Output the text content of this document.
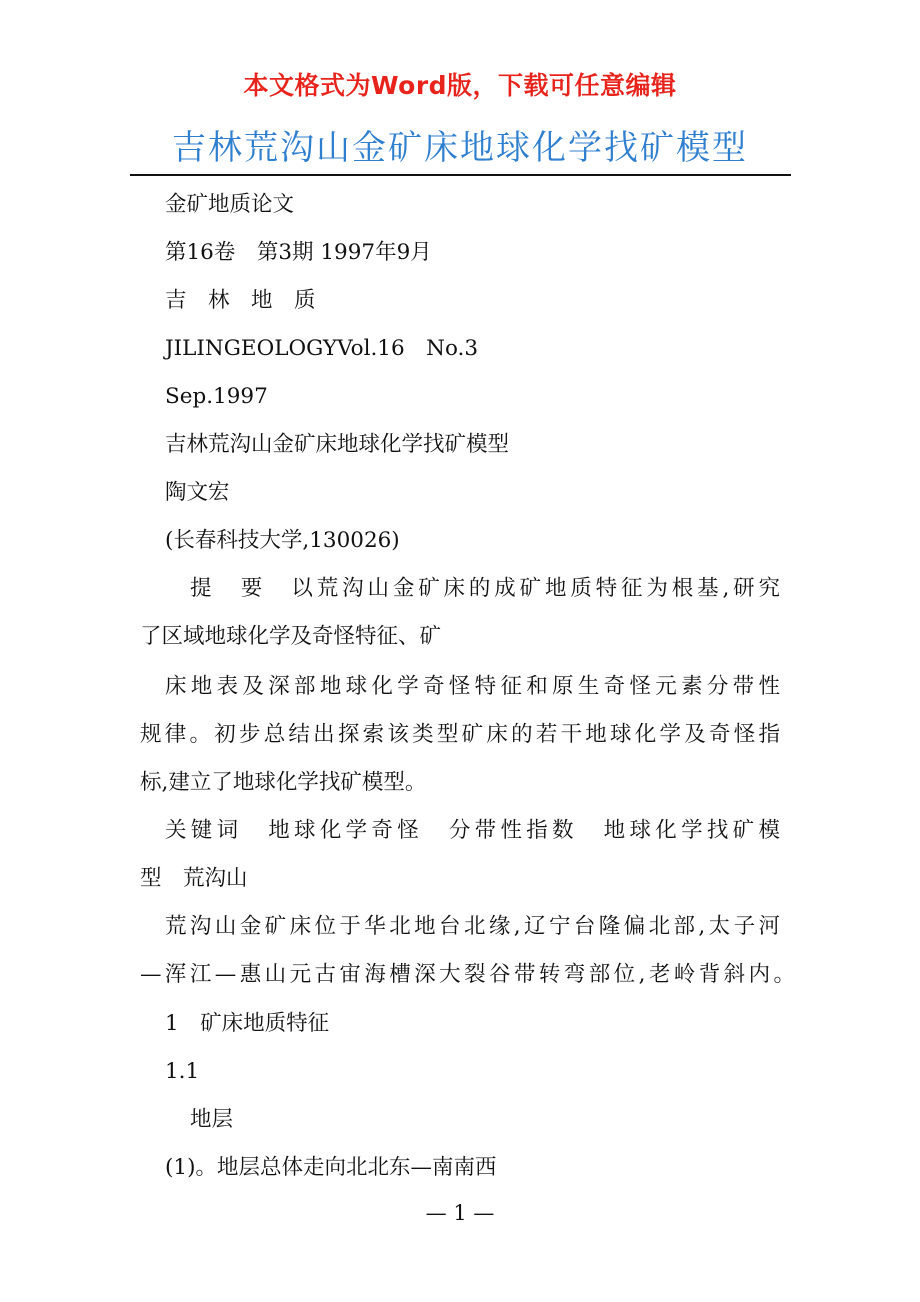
本文格式为Word版，下载可任意编辑
吉林荒沟山金矿床地球化学找矿模型
金矿地质论文
第16卷　第3期 1997年9月
吉　林　地　质
JILINGEOLOGYVol.16　No.3
Sep.1997
吉林荒沟山金矿床地球化学找矿模型
陶文宏
(长春科技大学,130026)
提　要　以荒沟山金矿床的成矿地质特征为根基,研究
了区域地球化学及奇怪特征、矿
床地表及深部地球化学奇怪特征和原生奇怪元素分带性
规律。初步总结出探索该类型矿床的若干地球化学及奇怪指
标,建立了地球化学找矿模型。
关键词　地球化学奇怪　分带性指数　地球化学找矿模
型　荒沟山
荒沟山金矿床位于华北地台北缘,辽宁台隆偏北部,太子河
—浑江—惠山元古宙海槽深大裂谷带转弯部位,老岭背斜内。
1　矿床地质特征
1.1
地层
(1)。地层总体走向北北东—南南西
— 1 —
